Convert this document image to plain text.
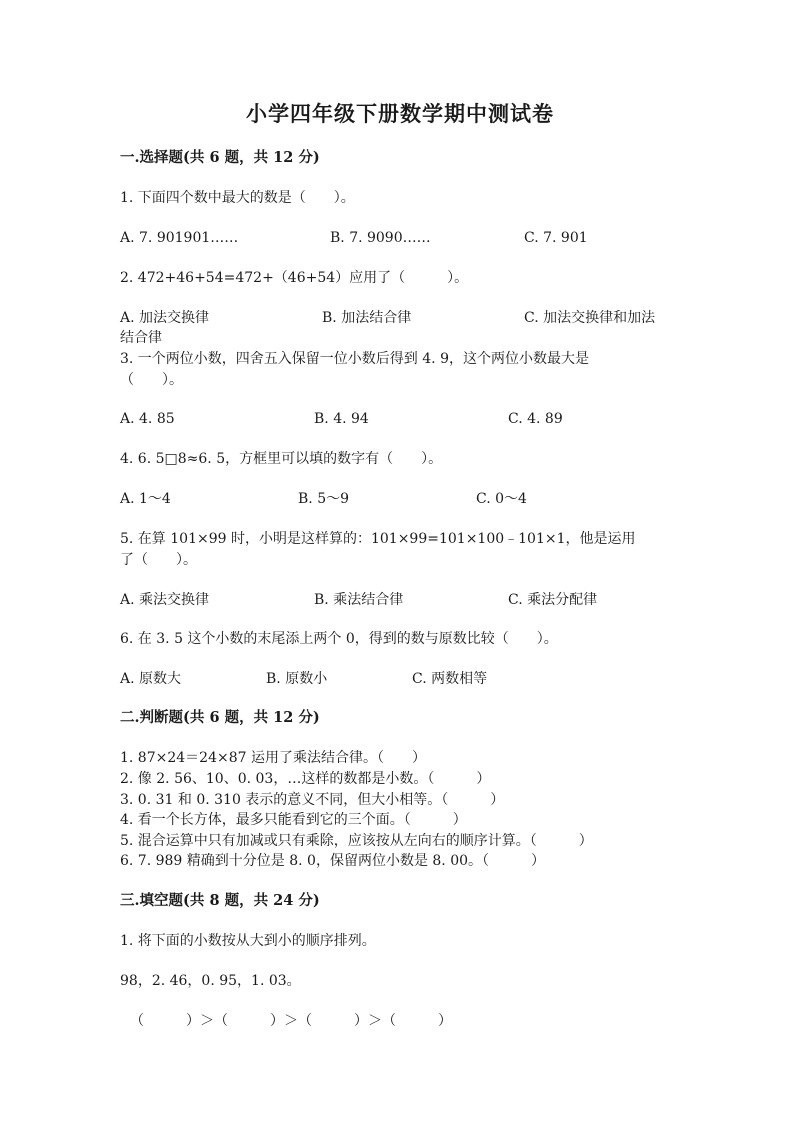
小学四年级下册数学期中测试卷
一.选择题(共 6 题，共 12 分)
1. 下面四个数中最大的数是（　　）。
A. 7. 901901……	B. 7. 9090……	C. 7. 901
2. 472+46+54=472+（46+54）应用了（　　　）。
A. 加法交换律	B. 加法结合律	C. 加法交换律和加法
结合律
3. 一个两位小数，四舍五入保留一位小数后得到 4. 9，这个两位小数最大是
（　　）。
A. 4. 85	B. 4. 94	C. 4. 89
4. 6. 5□8≈6. 5，方框里可以填的数字有（　　）。
A. 1～4	B. 5～9	C. 0～4
5. 在算 101×99 时，小明是这样算的：101×99=101×100﹣101×1，他是运用
了（　　）。
A. 乘法交换律	B. 乘法结合律	C. 乘法分配律
6. 在 3. 5 这个小数的末尾添上两个 0，得到的数与原数比较（　　）。
A. 原数大	B. 原数小	C. 两数相等
二.判断题(共 6 题，共 12 分)
1. 87×24＝24×87 运用了乘法结合律。（　　）
2. 像 2. 56、10、0. 03，…这样的数都是小数。（　　　）
3. 0. 31 和 0. 310 表示的意义不同，但大小相等。（　　　）
4. 看一个长方体，最多只能看到它的三个面。（　　　）
5. 混合运算中只有加减或只有乘除，应该按从左向右的顺序计算。（　　　）
6. 7. 989 精确到十分位是 8. 0，保留两位小数是 8. 00。（　　　）
三.填空题(共 8 题，共 24 分)
1. 将下面的小数按从大到小的顺序排列。
98，2. 46，0. 95，1. 03。
（　　　）＞（　　　）＞（　　　）＞（　　　）
